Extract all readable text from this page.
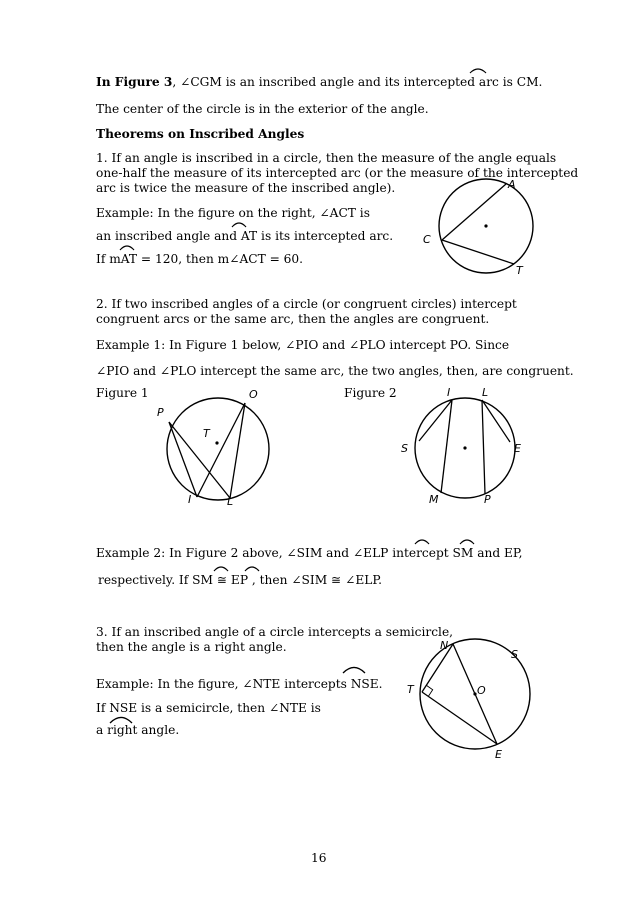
In Figure 3, ∠CGM is an inscribed angle and its intercepted arc is CM.
The center of the circle is in the exterior of the angle.
Theorems on Inscribed Angles
1. If an angle is inscribed in a circle, then the measure of the angle equals
one-half the measure of its intercepted arc (or the measure of the intercepted
arc is twice the measure of the inscribed angle).
Example: In the figure on the right, ∠ACT is
an inscribed angle and AT is its intercepted arc.
If mAT = 120, then m∠ACT = 60.
A
C
T
2. If two inscribed angles of a circle (or congruent circles) intercept
congruent arcs or the same arc, then the angles are congruent.
Example 1: In Figure 1 below, ∠PIO and ∠PLO intercept PO. Since
∠PIO and ∠PLO intercept the same arc, the two angles, then, are congruent.
Figure 1	Figure 2
O
P
T
I	L
I	L
S	E
M	P
Example 2: In Figure 2 above, ∠SIM and ∠ELP intercept SM and EP,
respectively. If SM ≅ EP , then ∠SIM ≅ ∠ELP.
3. If an inscribed angle of a circle intercepts a semicircle,
then the angle is a right angle.
Example: In the figure, ∠NTE intercepts NSE.
If NSE is a semicircle, then ∠NTE is
a right angle.
N
S
T	O
E
16
